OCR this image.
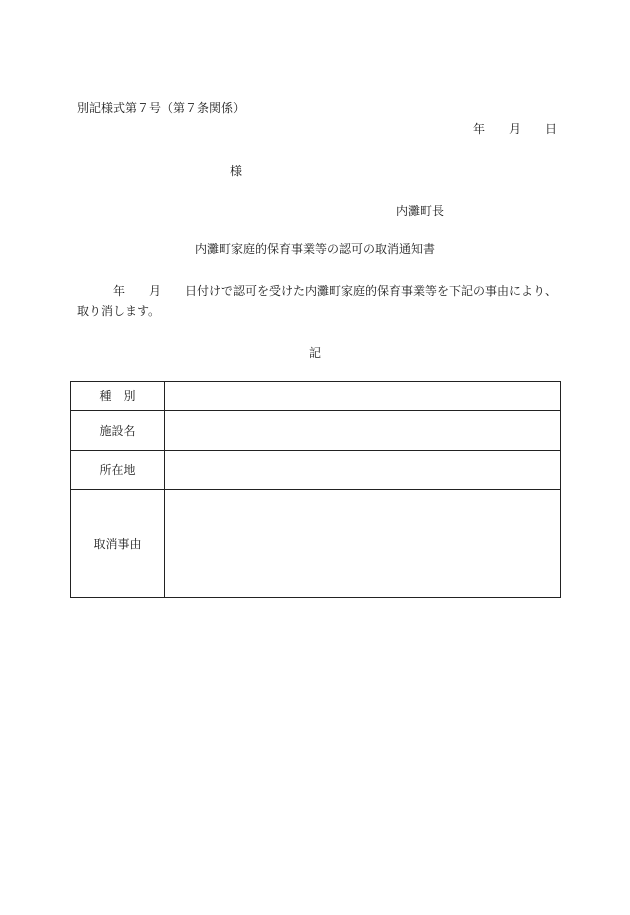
別記様式第７号（第７条関係）

年　　月　　日

様

内灘町長

内灘町家庭的保育事業等の認可の取消通知書

　　　年　　月　　日付けで認可を受けた内灘町家庭的保育事業等を下記の事由により、

取り消します。

記

種　別	
施設名	
所在地	
取消事由	
